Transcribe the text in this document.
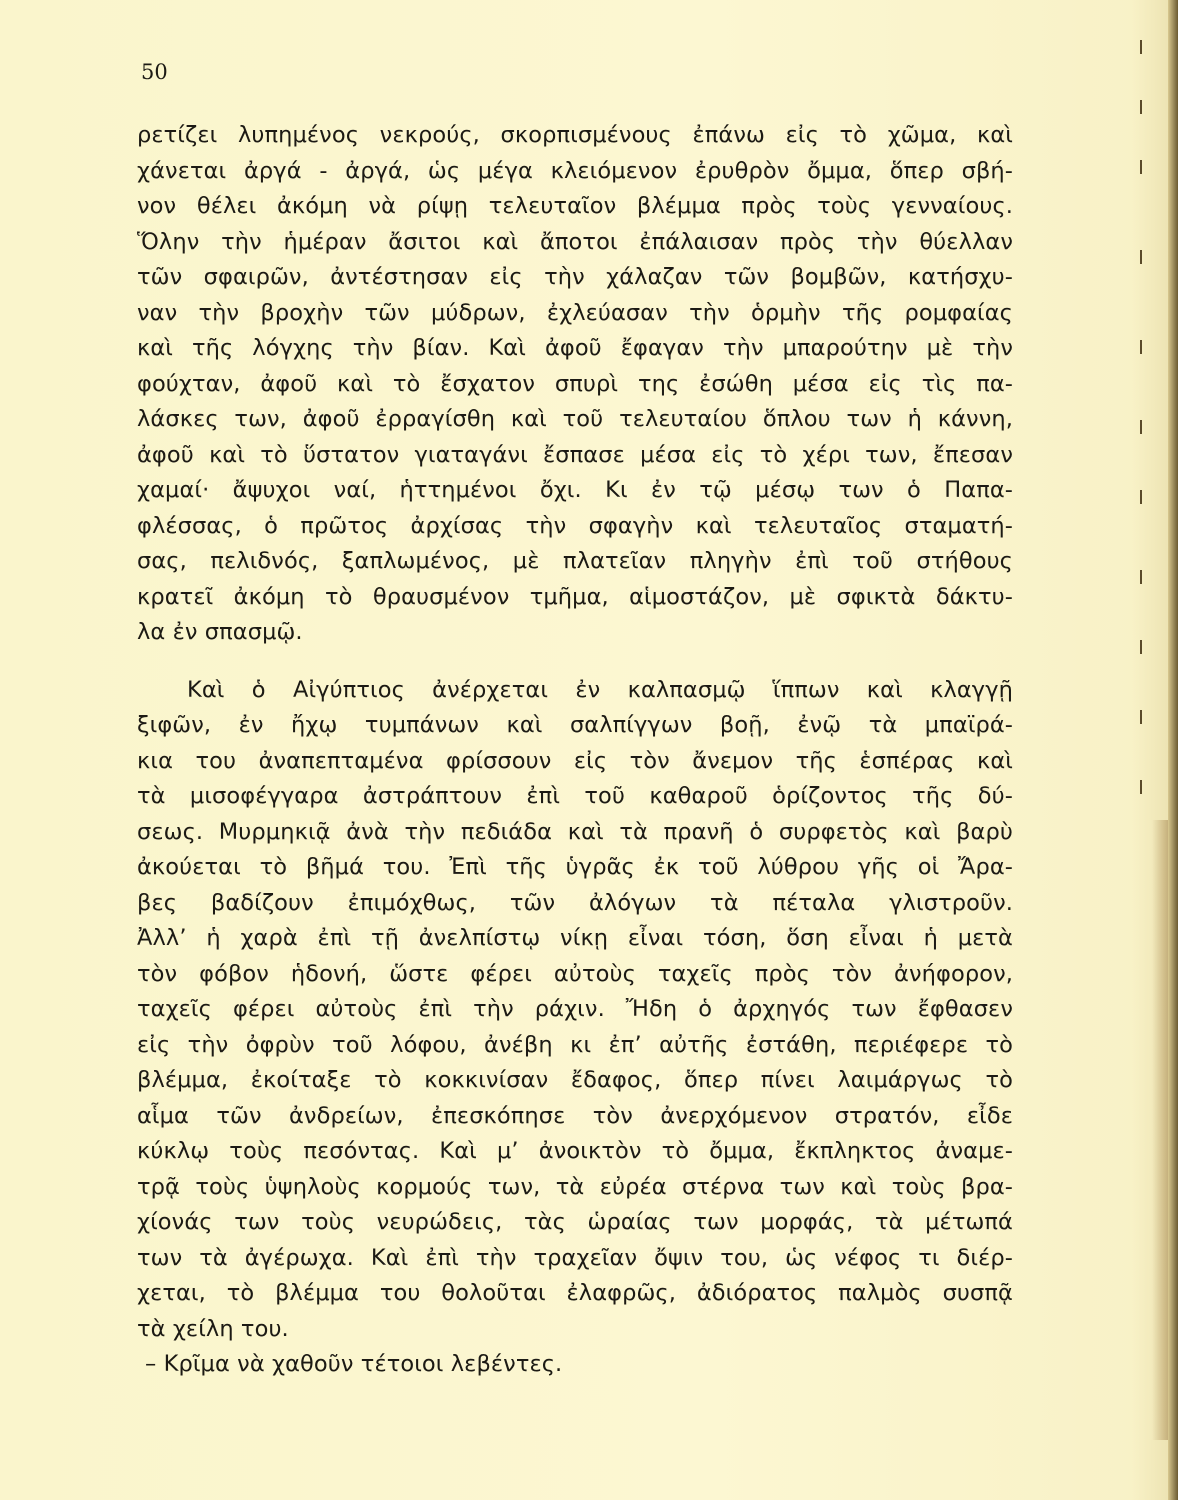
50
ρετίζει λυπημένος νεκρούς, σκορπισμένους ἐπάνω εἰς τὸ χῶμα, καὶ
χάνεται ἀργά - ἀργά, ὡς μέγα κλειόμενον ἐρυθρὸν ὄμμα, ὅπερ σβή-
νον θέλει ἀκόμη νὰ ρίψῃ τελευταῖον βλέμμα πρὸς τοὺς γενναίους.
Ὅλην τὴν ἡμέραν ἄσιτοι καὶ ἄποτοι ἐπάλαισαν πρὸς τὴν θύελλαν
τῶν σφαιρῶν, ἀντέστησαν εἰς τὴν χάλαζαν τῶν βομβῶν, κατήσχυ-
ναν τὴν βροχὴν τῶν μύδρων, ἐχλεύασαν τὴν ὁρμὴν τῆς ρομφαίας
καὶ τῆς λόγχης τὴν βίαν. Καὶ ἀφοῦ ἔφαγαν τὴν μπαρούτην μὲ τὴν
φούχταν, ἀφοῦ καὶ τὸ ἔσχατον σπυρὶ της ἐσώθη μέσα εἰς τὶς πα-
λάσκες των, ἀφοῦ ἐρραγίσθη καὶ τοῦ τελευταίου ὅπλου των ἡ κάννη,
ἀφοῦ καὶ τὸ ὕστατον γιαταγάνι ἔσπασε μέσα εἰς τὸ χέρι των, ἔπεσαν
χαμαί· ἄψυχοι ναί, ἡττημένοι ὄχι. Κι ἐν τῷ μέσῳ των ὁ Παπα-
φλέσσας, ὁ πρῶτος ἀρχίσας τὴν σφαγὴν καὶ τελευταῖος σταματή-
σας, πελιδνός, ξαπλωμένος, μὲ πλατεῖαν πληγὴν ἐπὶ τοῦ στήθους
κρατεῖ ἀκόμη τὸ θραυσμένον τμῆμα, αἱμοστάζον, μὲ σφικτὰ δάκτυ-
λα ἐν σπασμῷ.
Καὶ ὁ Αἰγύπτιος ἀνέρχεται ἐν καλπασμῷ ἵππων καὶ κλαγγῇ
ξιφῶν, ἐν ἤχῳ τυμπάνων καὶ σαλπίγγων βοῇ, ἐνῷ τὰ μπαϊρά-
κια του ἀναπεπταμένα φρίσσουν εἰς τὸν ἄνεμον τῆς ἑσπέρας καὶ
τὰ μισοφέγγαρα ἀστράπτουν ἐπὶ τοῦ καθαροῦ ὁρίζοντος τῆς δύ-
σεως. Μυρμηκιᾷ ἀνὰ τὴν πεδιάδα καὶ τὰ πρανῆ ὁ συρφετὸς καὶ βαρὺ
ἀκούεται τὸ βῆμά του. Ἐπὶ τῆς ὑγρᾶς ἐκ τοῦ λύθρου γῆς οἱ Ἄρα-
βες βαδίζουν ἐπιμόχθως, τῶν ἀλόγων τὰ πέταλα γλιστροῦν.
Ἀλλ’ ἡ χαρὰ ἐπὶ τῇ ἀνελπίστῳ νίκῃ εἶναι τόση, ὅση εἶναι ἡ μετὰ
τὸν φόβον ἡδονή, ὥστε φέρει αὐτοὺς ταχεῖς πρὸς τὸν ἀνήφορον,
ταχεῖς φέρει αὐτοὺς ἐπὶ τὴν ράχιν. Ἤδη ὁ ἀρχηγός των ἔφθασεν
εἰς τὴν ὀφρὺν τοῦ λόφου, ἀνέβη κι ἐπ’ αὐτῆς ἐστάθη, περιέφερε τὸ
βλέμμα, ἐκοίταξε τὸ κοκκινίσαν ἔδαφος, ὅπερ πίνει λαιμάργως τὸ
αἷμα τῶν ἀνδρείων, ἐπεσκόπησε τὸν ἀνερχόμενον στρατόν, εἶδε
κύκλῳ τοὺς πεσόντας. Καὶ μ’ ἀνοικτὸν τὸ ὄμμα, ἔκπληκτος ἀναμε-
τρᾷ τοὺς ὑψηλοὺς κορμούς των, τὰ εὐρέα στέρνα των καὶ τοὺς βρα-
χίονάς των τοὺς νευρώδεις, τὰς ὡραίας των μορφάς, τὰ μέτωπά
των τὰ ἀγέρωχα. Καὶ ἐπὶ τὴν τραχεῖαν ὄψιν του, ὡς νέφος τι διέρ-
χεται, τὸ βλέμμα του θολοῦται ἐλαφρῶς, ἀδιόρατος παλμὸς συσπᾷ
τὰ χείλη του.
– Κρῖμα νὰ χαθοῦν τέτοιοι λεβέντες.
